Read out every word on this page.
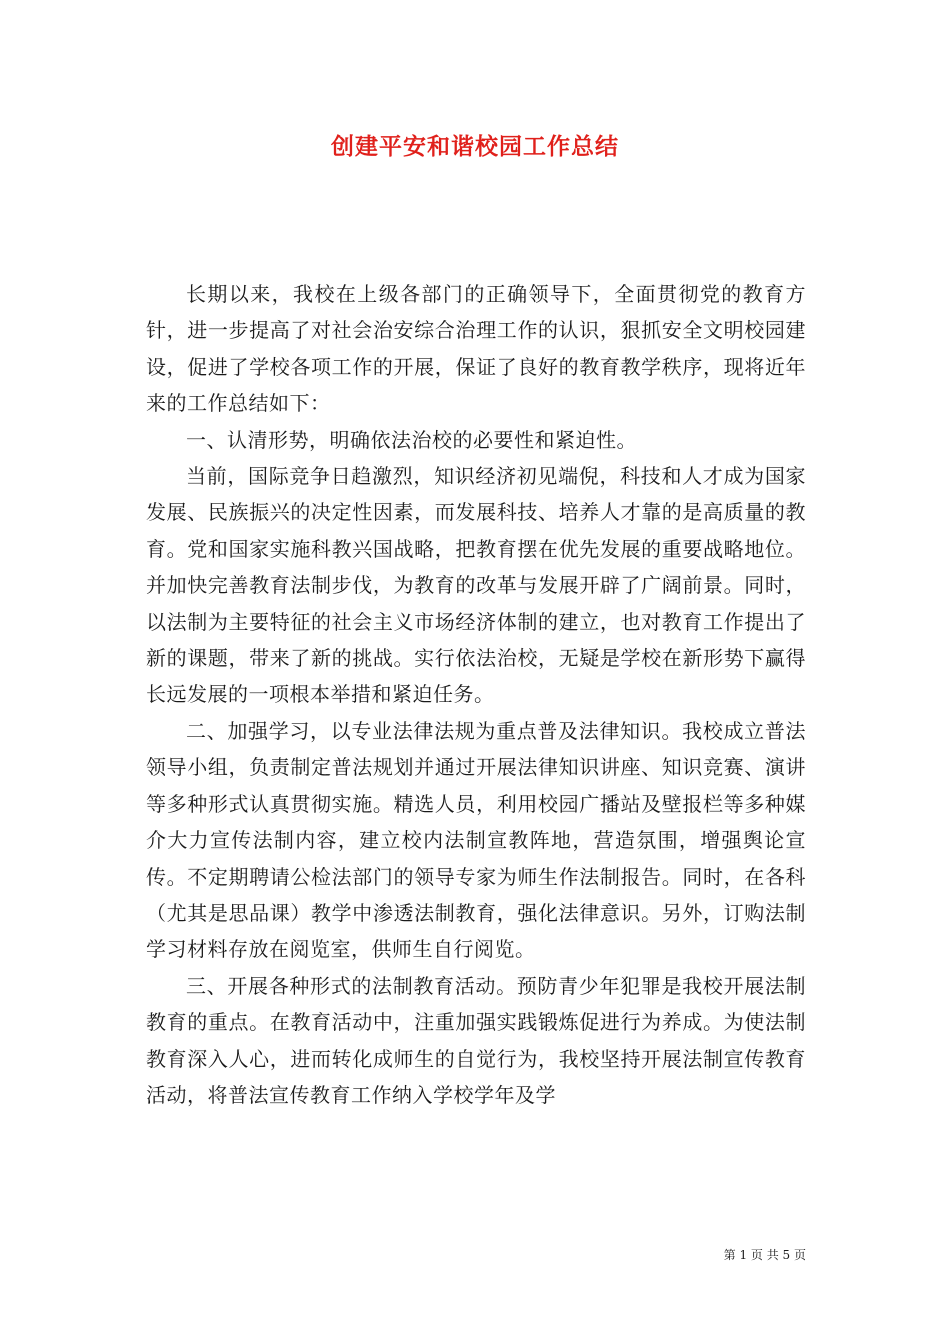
创建平安和谐校园工作总结

长期以来，我校在上级各部门的正确领导下，全面贯彻党的教育方针，进一步提高了对社会治安综合治理工作的认识，狠抓安全文明校园建设，促进了学校各项工作的开展，保证了良好的教育教学秩序，现将近年来的工作总结如下：

一、认清形势，明确依法治校的必要性和紧迫性。

当前，国际竞争日趋激烈，知识经济初见端倪，科技和人才成为国家发展、民族振兴的决定性因素，而发展科技、培养人才靠的是高质量的教育。党和国家实施科教兴国战略，把教育摆在优先发展的重要战略地位。并加快完善教育法制步伐，为教育的改革与发展开辟了广阔前景。同时，以法制为主要特征的社会主义市场经济体制的建立，也对教育工作提出了新的课题，带来了新的挑战。实行依法治校，无疑是学校在新形势下赢得长远发展的一项根本举措和紧迫任务。

二、加强学习，以专业法律法规为重点普及法律知识。我校成立普法领导小组，负责制定普法规划并通过开展法律知识讲座、知识竞赛、演讲等多种形式认真贯彻实施。精选人员，利用校园广播站及壁报栏等多种媒介大力宣传法制内容，建立校内法制宣教阵地，营造氛围，增强舆论宣传。不定期聘请公检法部门的领导专家为师生作法制报告。同时，在各科（尤其是思品课）教学中渗透法制教育，强化法律意识。另外，订购法制学习材料存放在阅览室，供师生自行阅览。

三、开展各种形式的法制教育活动。预防青少年犯罪是我校开展法制教育的重点。在教育活动中，注重加强实践锻炼促进行为养成。为使法制教育深入人心，进而转化成师生的自觉行为，我校坚持开展法制宣传教育活动，将普法宣传教育工作纳入学校学年及学

第 1 页 共 5 页
